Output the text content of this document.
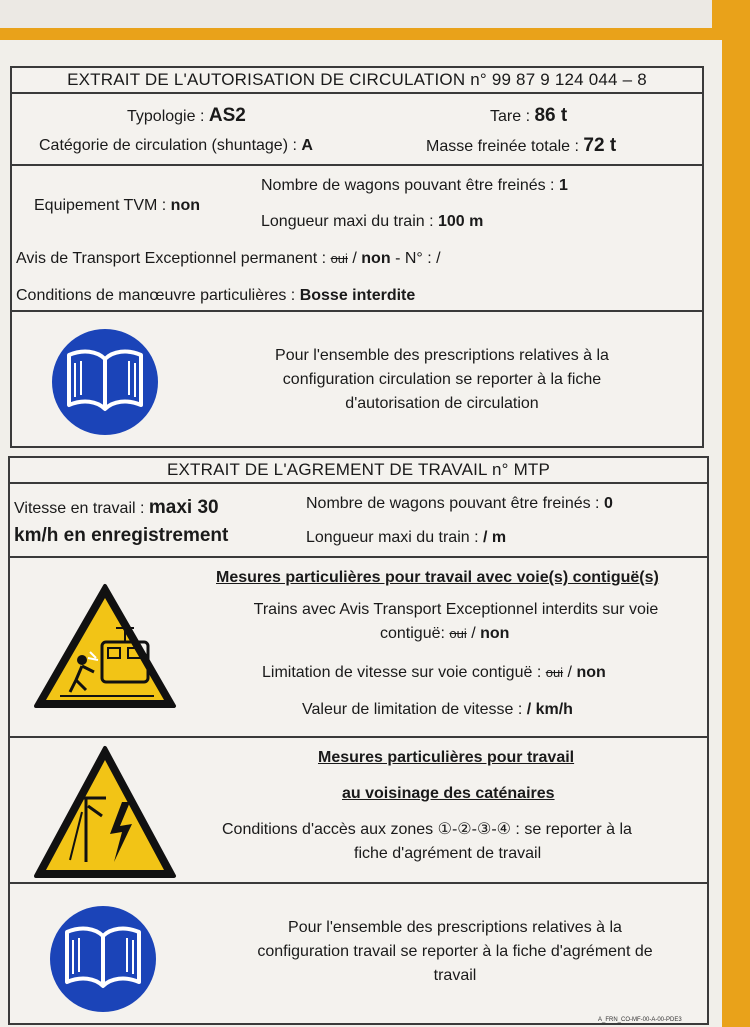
EXTRAIT DE L'AUTORISATION DE CIRCULATION n° 99 87 9 124 044 – 8
Typologie : AS2	Tare : 86 t
Catégorie de circulation (shuntage) : A	Masse freinée totale : 72 t
Equipement TVM : non
Nombre de wagons pouvant être freinés : 1
Longueur maxi du train : 100 m
Avis de Transport Exceptionnel permanent : oui / non - N° : /
Conditions de manœuvre particulières : Bosse interdite
Pour l'ensemble des prescriptions relatives à la
configuration circulation se reporter à la fiche
d'autorisation de circulation
EXTRAIT DE L'AGREMENT DE TRAVAIL n° MTP
Vitesse en travail : maxi 30
km/h en enregistrement
Nombre de wagons pouvant être freinés : 0
Longueur maxi du train : / m
Mesures particulières pour travail avec voie(s) contiguë(s)
Trains avec Avis Transport Exceptionnel interdits sur voie
contiguë: oui / non
Limitation de vitesse sur voie contiguë : oui / non
Valeur de limitation de vitesse : / km/h
Mesures particulières pour travail
au voisinage des caténaires
Conditions d'accès aux zones ①-②-③-④ : se reporter à la
fiche d'agrément de travail
Pour l'ensemble des prescriptions relatives à la
configuration travail se reporter à la fiche d'agrément de
travail
A_FRN_CO-MF-00-A-00-PDE3
